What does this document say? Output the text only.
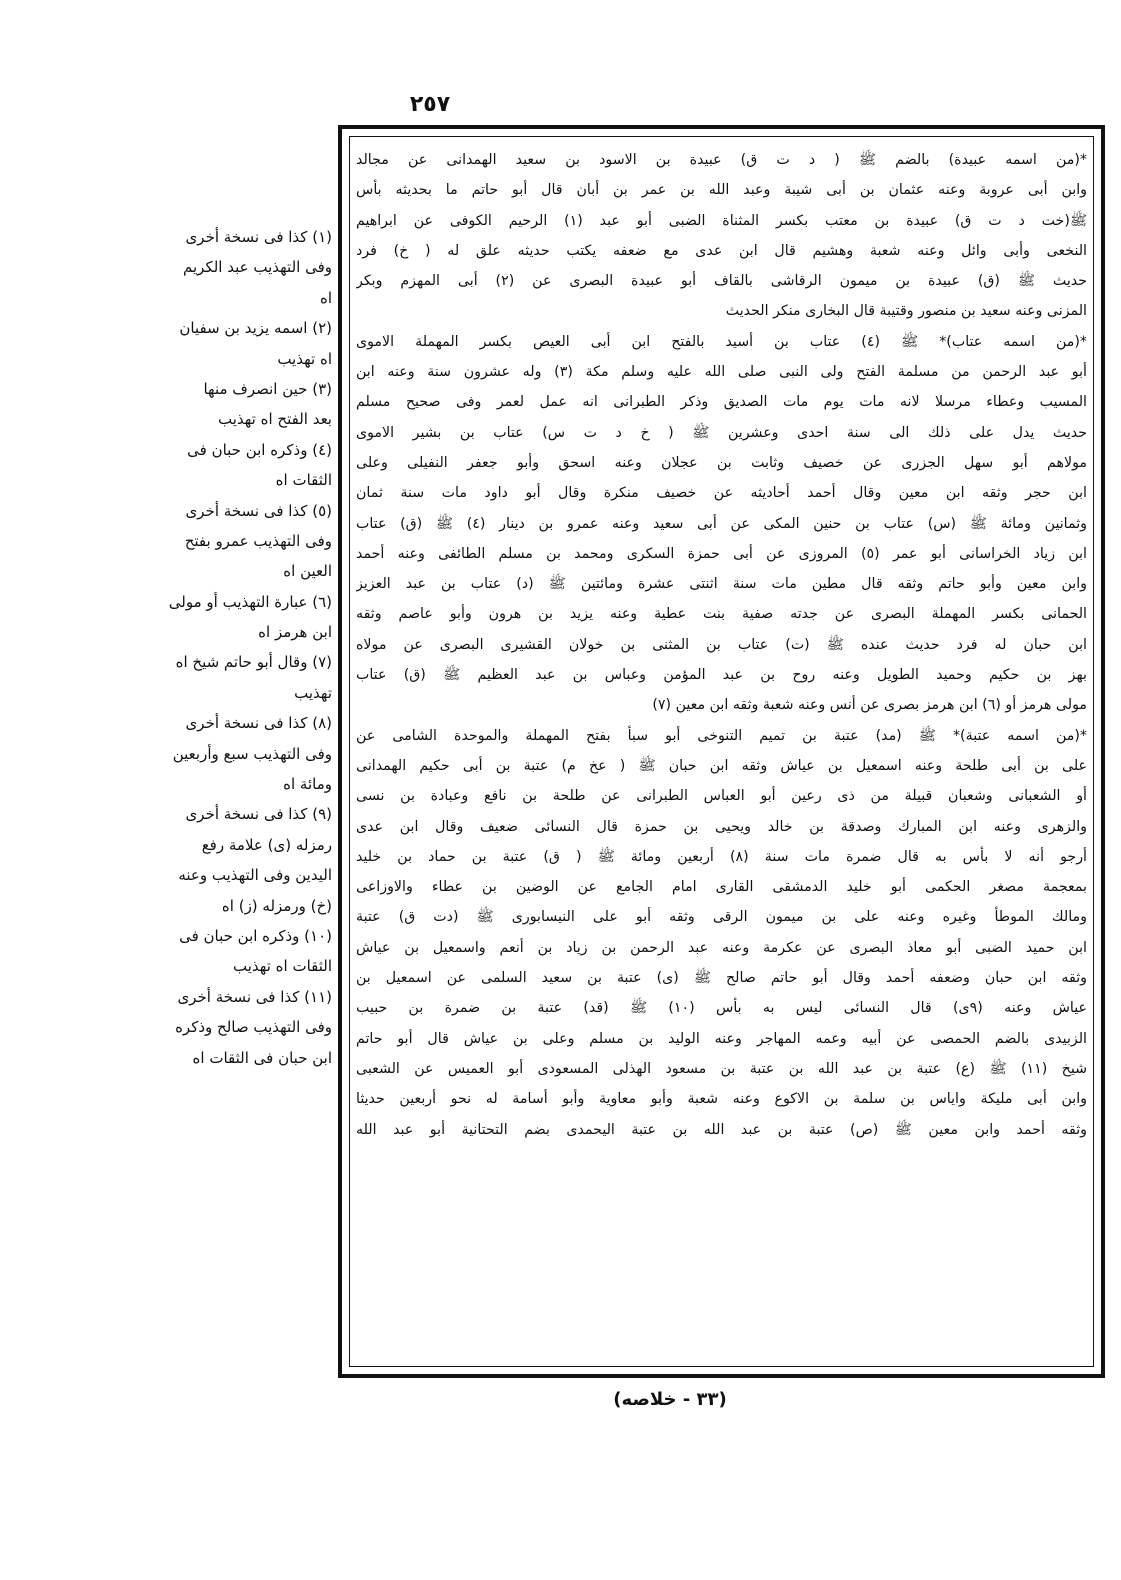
٢٥٧
*(من اسمه عبيدة) بالضم ﷺ ( د ت ق) عبيدة بن الاسود بن سعيد الهمدانى عن مجالد
وابن أبى عروبة وعنه عثمان بن أبى شيبة وعبد الله بن عمر بن أبان قال أبو حاتم ما بحديثه بأس
ﷺ(خت د ت ق) عبيدة بن معتب بكسر المثناة الضبى أبو عبد (١) الرحيم الكوفى عن ابراهيم
النخعى وأبى وائل وعنه شعبة وهشيم قال ابن عدى مع ضعفه يكتب حديثه علق له ( خ) فرد
حديث ﷺ (ق) عبيدة بن ميمون الرقاشى بالقاف أبو عبيدة البصرى عن (٢) أبى المهزم وبكر
المزنى وعنه سعيد بن منصور وقتيبة قال البخارى منكر الحديث
*(من اسمه عتاب)* ﷺ (٤) عتاب بن أسيد بالفتح ابن أبى العيص بكسر المهملة الاموى
أبو عبد الرحمن من مسلمة الفتح ولى النبى صلى الله عليه وسلم مكة (٣) وله عشرون سنة وعنه ابن
المسيب وعطاء مرسلا لانه مات يوم مات الصديق وذكر الطبرانى انه عمل لعمر وفى صحيح مسلم
حديث يدل على ذلك الى سنة احدى وعشرين ﷺ ( خ د ت س) عتاب بن بشير الاموى
مولاهم أبو سهل الجزرى عن خصيف وثابت بن عجلان وعنه اسحق وأبو جعفر النفيلى وعلى
ابن حجر وثقه ابن معين وقال أحمد أحاديثه عن خصيف منكرة وقال أبو داود مات سنة ثمان
وثمانين ومائة ﷺ (س) عتاب بن حنين المكى عن أبى سعيد وعنه عمرو بن دينار (٤) ﷺ (ق) عتاب
ابن زياد الخراسانى أبو عمر (٥) المروزى عن أبى حمزة السكرى ومحمد بن مسلم الطائفى وعنه أحمد
وابن معين وأبو حاتم وثقه قال مطين مات سنة اثنتى عشرة ومائتين ﷺ (د) عتاب بن عبد العزيز
الحمانى بكسر المهملة البصرى عن جدته صفية بنت عطية وعنه يزيد بن هرون وأبو عاصم وثقه
ابن حبان له فرد حديث عنده ﷺ (ت) عتاب بن المثنى بن خولان القشيرى البصرى عن مولاه
بهز بن حكيم وحميد الطويل وعنه روح بن عبد المؤمن وعباس بن عبد العظيم ﷺ (ق) عتاب
مولى هرمز أو (٦) ابن هرمز بصرى عن أنس وعنه شعبة وثقه ابن معين (٧)
*(من اسمه عتبة)* ﷺ (مد) عتبة بن تميم التنوخى أبو سبأ بفتح المهملة والموحدة الشامى عن
على بن أبى طلحة وعنه اسمعيل بن عياش وثقه ابن حبان ﷺ ( عخ م) عتبة بن أبى حكيم الهمدانى
أو الشعبانى وشعبان قبيلة من ذى رعين أبو العباس الطبرانى عن طلحة بن نافع وعبادة بن نسى
والزهرى وعنه ابن المبارك وصدقة بن خالد ويحيى بن حمزة قال النسائى ضعيف وقال ابن عدى
أرجو أنه لا بأس به قال ضمرة مات سنة (٨) أربعين ومائة ﷺ ( ق) عتبة بن حماد بن خليد
بمعجمة مصغر الحكمى أبو خليد الدمشقى القارى امام الجامع عن الوضين بن عطاء والاوزاعى
ومالك الموطأ وغيره وعنه على بن ميمون الرقى وثقه أبو على النيسابورى ﷺ (دت ق) عتبة
ابن حميد الضبى أبو معاذ البصرى عن عكرمة وعنه عبد الرحمن بن زياد بن أنعم واسمعيل بن عياش
وثقه ابن حبان وضعفه أحمد وقال أبو حاتم صالح ﷺ (ى) عتبة بن سعيد السلمى عن اسمعيل بن
عياش وعنه (٩ى) قال النسائى ليس به بأس (١٠) ﷺ (قد) عتبة بن ضمرة بن حبيب
الزبيدى بالضم الحمصى عن أبيه وعمه المهاجر وعنه الوليد بن مسلم وعلى بن عياش قال أبو حاتم
شيخ (١١) ﷺ (ع) عتبة بن عبد الله بن عتبة بن مسعود الهذلى المسعودى أبو العميس عن الشعبى
وابن أبى مليكة واياس بن سلمة بن الاكوع وعنه شعبة وأبو معاوية وأبو أسامة له نحو أربعين حديثا
وثقه أحمد وابن معين ﷺ (ص) عتبة بن عبد الله بن عتبة اليحمدى بضم التحتانية أبو عبد الله
(١) كذا فى نسخة أخرى
وفى التهذيب عبد الكريم
اه
(٢) اسمه يزيد بن سفيان
اه تهذيب
(٣) حين انصرف منها
بعد الفتح اه تهذيب
(٤) وذكره ابن حبان فى
الثقات اه
(٥) كذا فى نسخة أخرى
وفى التهذيب عمرو بفتح
العين اه
(٦) عبارة التهذيب أو مولى
ابن هرمز اه
(٧) وقال أبو حاتم شيخ اه
تهذيب
(٨) كذا فى نسخة أخرى
وفى التهذيب سبع وأربعين
ومائة اه
(٩) كذا فى نسخة أخرى
رمزله (ى) علامة رفع
اليدين وفى التهذيب وعنه
(خ) ورمزله (ز) اه
(١٠) وذكره ابن حبان فى
الثقات اه تهذيب
(١١) كذا فى نسخة أخرى
وفى التهذيب صالح وذكره
ابن حبان فى الثقات اه
(٣٣ - خلاصه)
